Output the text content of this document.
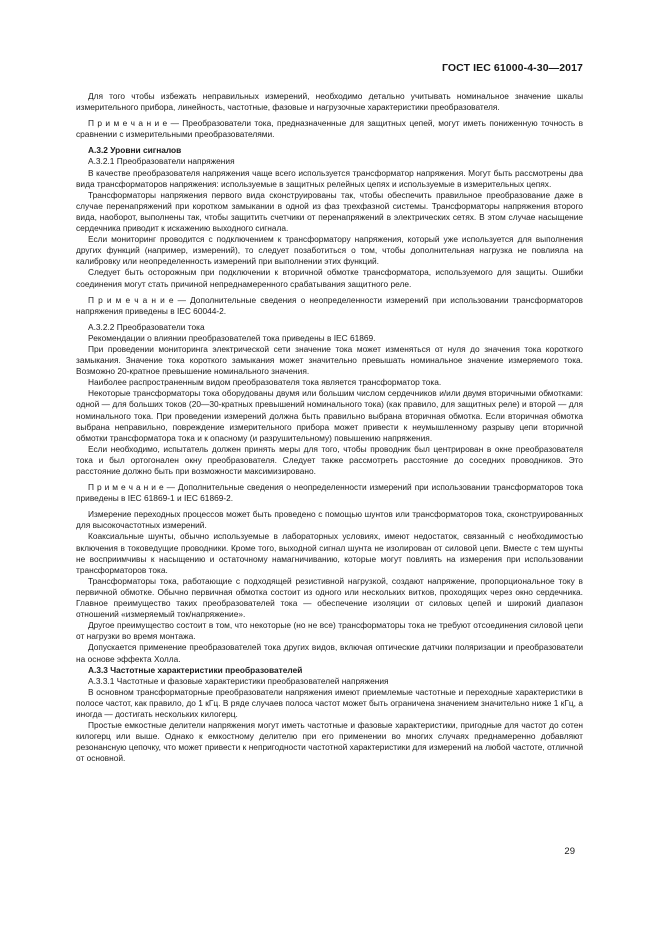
ГОСТ IEC 61000-4-30—2017

Для того чтобы избежать неправильных измерений, необходимо детально учитывать номинальное значение шкалы измерительного прибора, линейность, частотные, фазовые и нагрузочные характеристики преобразователя.

П р и м е ч а н и е — Преобразователи тока, предназначенные для защитных цепей, могут иметь пониженную точность в сравнении с измерительными преобразователями.

А.3.2 Уровни сигналов

А.3.2.1 Преобразователи напряжения

В качестве преобразователя напряжения чаще всего используется трансформатор напряжения. Могут быть рассмотрены два вида трансформаторов напряжения: используемые в защитных релейных цепях и используемые в измерительных цепях.

Трансформаторы напряжения первого вида сконструированы так, чтобы обеспечить правильное преобразование даже в случае перенапряжений при коротком замыкании в одной из фаз трехфазной системы. Трансформаторы напряжения второго вида, наоборот, выполнены так, чтобы защитить счетчики от перенапряжений в электрических сетях. В этом случае насыщение сердечника приводит к искажению выходного сигнала.

Если мониторинг проводится с подключением к трансформатору напряжения, который уже используется для выполнения других функций (например, измерений), то следует позаботиться о том, чтобы дополнительная нагрузка не повлияла на калибровку или неопределенность измерений при выполнении этих функций.

Следует быть осторожным при подключении к вторичной обмотке трансформатора, используемого для защиты. Ошибки соединения могут стать причиной непреднамеренного срабатывания защитного реле.

П р и м е ч а н и е — Дополнительные сведения о неопределенности измерений при использовании трансформаторов напряжения приведены в IEC 60044-2.

А.3.2.2 Преобразователи тока

Рекомендации о влиянии преобразователей тока приведены в IEC 61869.

При проведении мониторинга электрической сети значение тока может изменяться от нуля до значения тока короткого замыкания. Значение тока короткого замыкания может значительно превышать номинальное значение измеряемого тока. Возможно 20-кратное превышение номинального значения.

Наиболее распространенным видом преобразователя тока является трансформатор тока.

Некоторые трансформаторы тока оборудованы двумя или большим числом сердечников и/или двумя вторичными обмотками: одной — для больших токов (20—30-кратных превышений номинального тока) (как правило, для защитных реле) и второй — для номинального тока. При проведении измерений должна быть правильно выбрана вторичная обмотка. Если вторичная обмотка выбрана неправильно, повреждение измерительного прибора может привести к неумышленному разрыву цепи вторичной обмотки трансформатора тока и к опасному (и разрушительному) повышению напряжения.

Если необходимо, испытатель должен принять меры для того, чтобы проводник был центрирован в окне преобразователя тока и был ортогонален окну преобразователя. Следует также рассмотреть расстояние до соседних проводников. Это расстояние должно быть при возможности максимизировано.

П р и м е ч а н и е — Дополнительные сведения о неопределенности измерений при использовании трансформаторов тока приведены в IEC 61869-1 и IEC 61869-2.

Измерение переходных процессов может быть проведено с помощью шунтов или трансформаторов тока, сконструированных для высокочастотных измерений.

Коаксиальные шунты, обычно используемые в лабораторных условиях, имеют недостаток, связанный с необходимостью включения в токоведущие проводники. Кроме того, выходной сигнал шунта не изолирован от силовой цепи. Вместе с тем шунты не восприимчивы к насыщению и остаточному намагничиванию, которые могут повлиять на измерения при использовании трансформаторов тока.

Трансформаторы тока, работающие с подходящей резистивной нагрузкой, создают напряжение, пропорциональное току в первичной обмотке. Обычно первичная обмотка состоит из одного или нескольких витков, проходящих через окно сердечника. Главное преимущество таких преобразователей тока — обеспечение изоляции от силовых цепей и широкий диапазон отношений «измеряемый ток/напряжение».

Другое преимущество состоит в том, что некоторые (но не все) трансформаторы тока не требуют отсоединения силовой цепи от нагрузки во время монтажа.

Допускается применение преобразователей тока других видов, включая оптические датчики поляризации и преобразователи на основе эффекта Холла.

А.3.3 Частотные характеристики преобразователей

А.3.3.1 Частотные и фазовые характеристики преобразователей напряжения

В основном трансформаторные преобразователи напряжения имеют приемлемые частотные и переходные характеристики в полосе частот, как правило, до 1 кГц. В ряде случаев полоса частот может быть ограничена значением значительно ниже 1 кГц, а иногда — достигать нескольких килогерц.

Простые емкостные делители напряжения могут иметь частотные и фазовые характеристики, пригодные для частот до сотен килогерц или выше. Однако к емкостному делителю при его применении во многих случаях преднамеренно добавляют резонансную цепочку, что может привести к непригодности частотной характеристики для измерений на любой частоте, отличной от основной.

29
